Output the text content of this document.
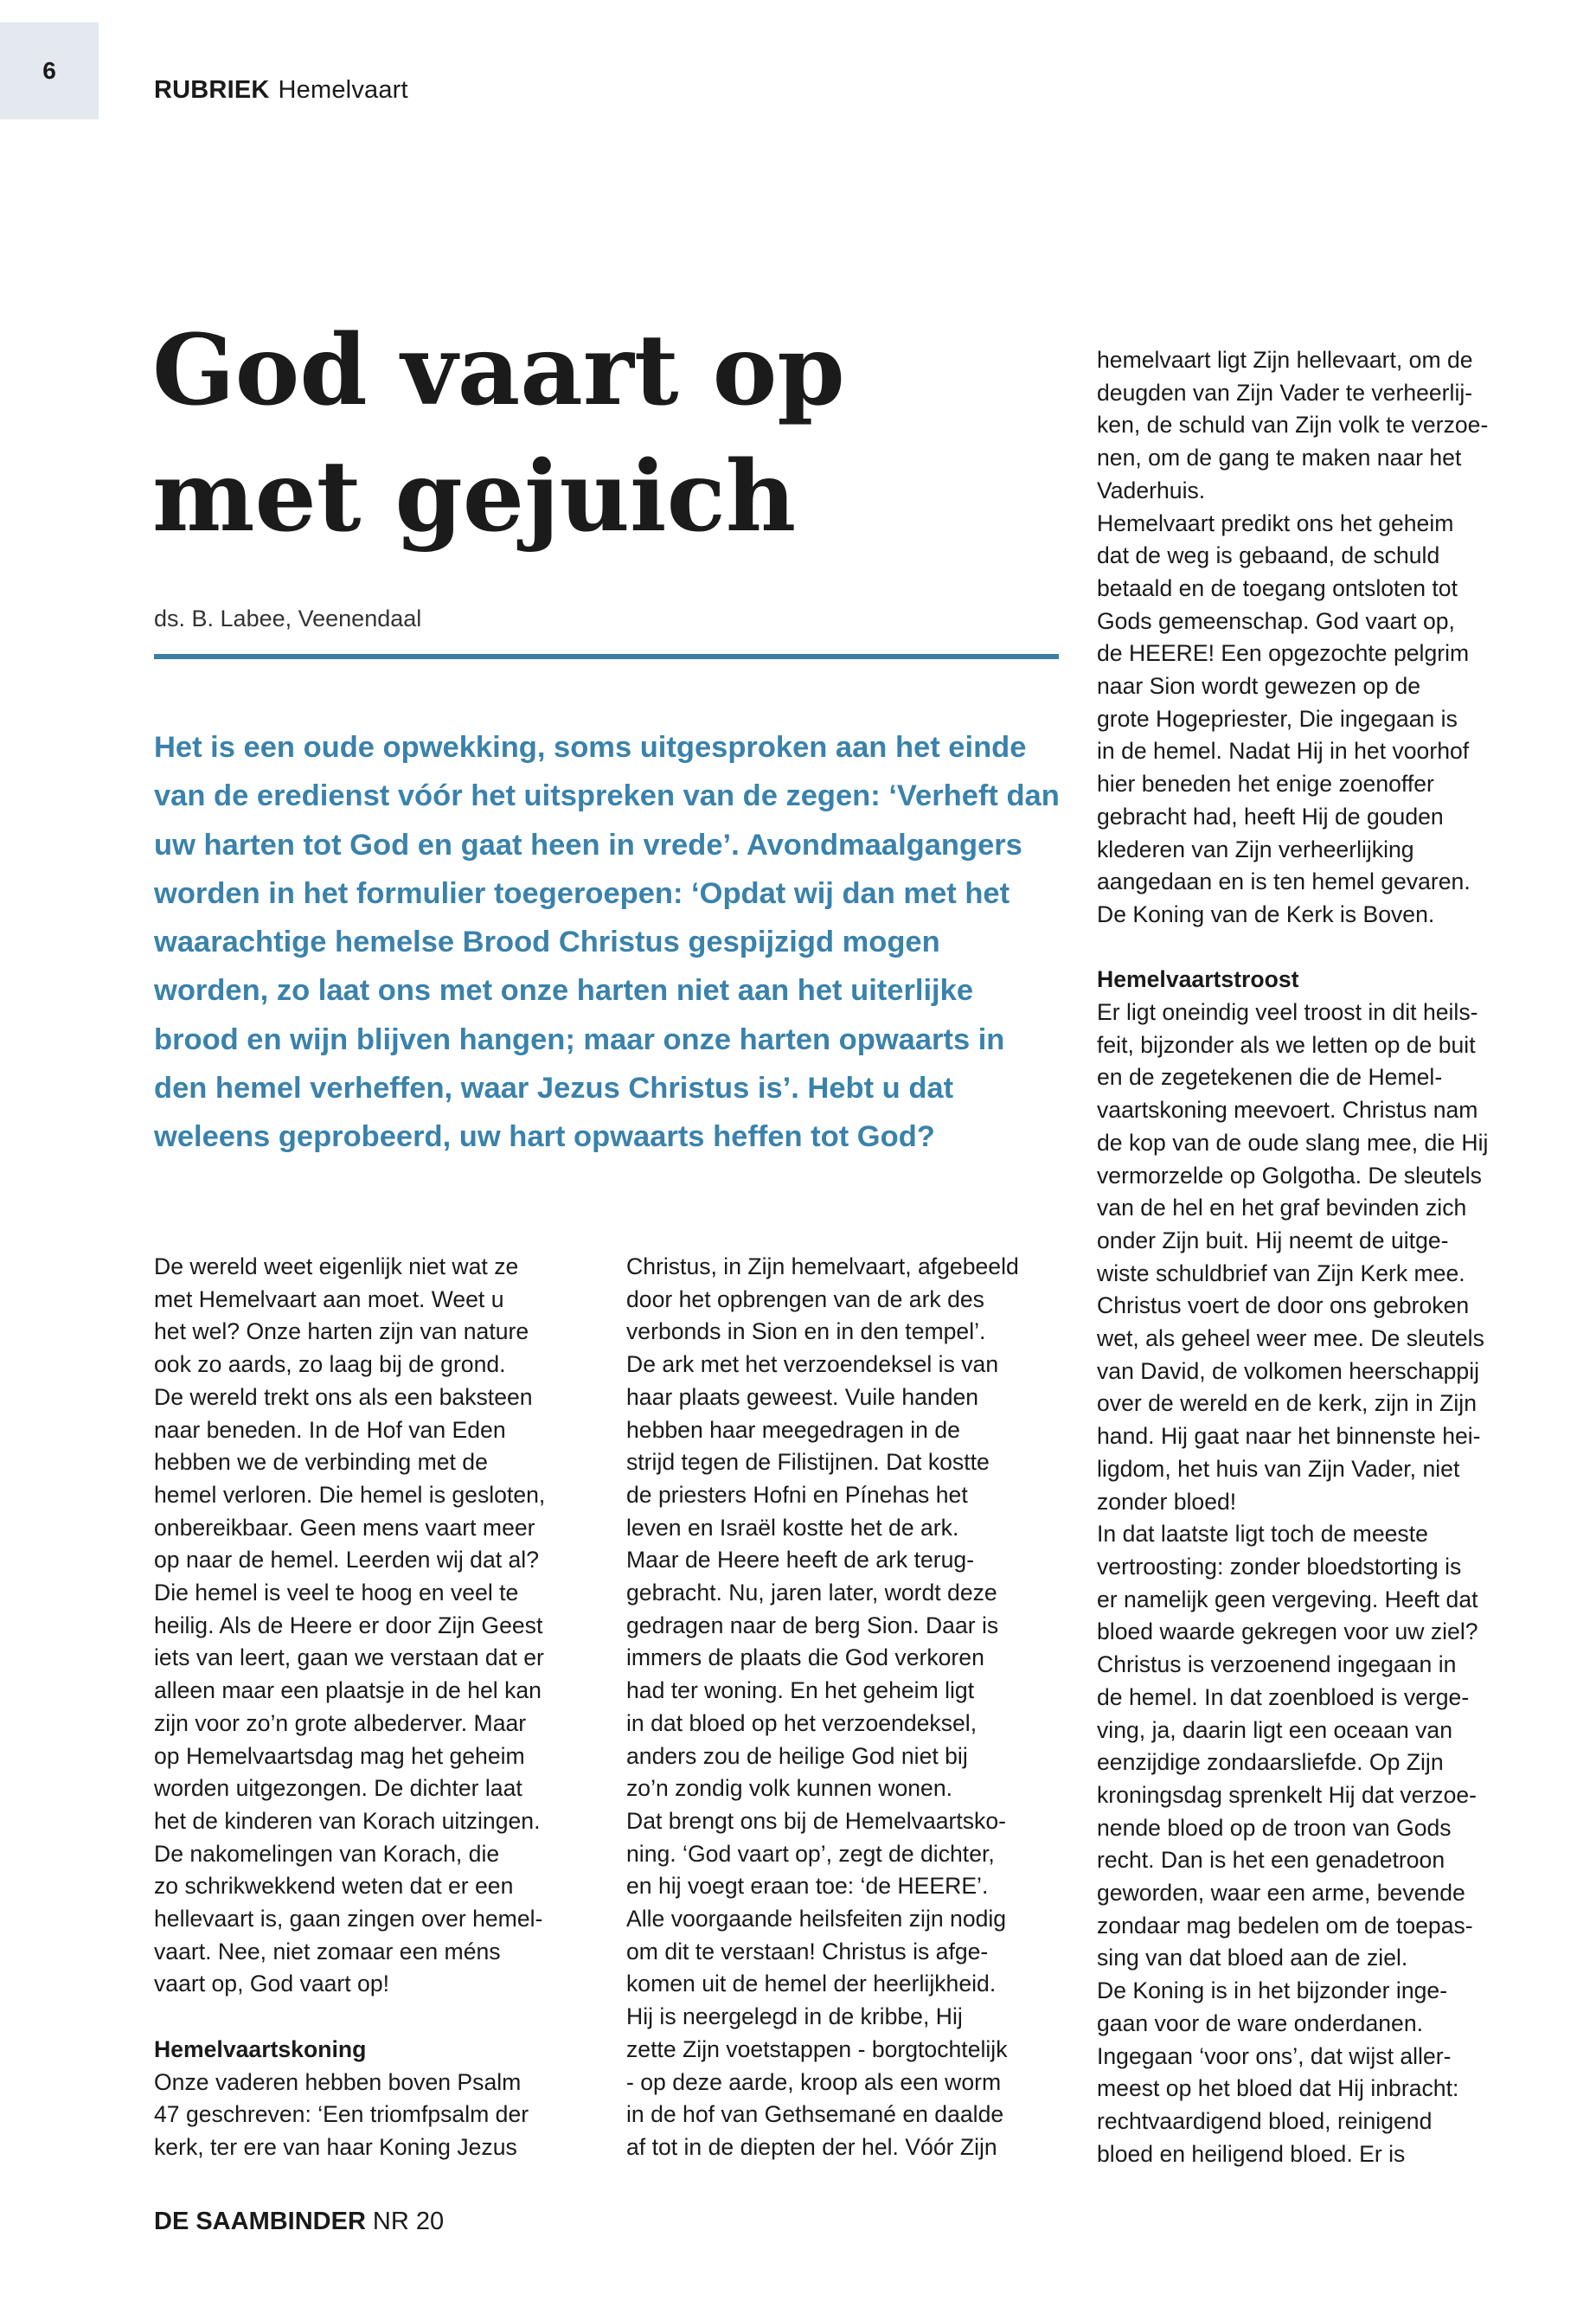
6
RUBRIEK Hemelvaart
God vaart op
met gejuich
ds. B. Labee, Veenendaal
Het is een oude opwekking, soms uitgesproken aan het einde van de eredienst vóór het uitspreken van de zegen: ‘Verheft dan uw harten tot God en gaat heen in vrede’. Avondmaalgangers worden in het formulier toegeroepen: ‘Opdat wij dan met het waarachtige hemelse Brood Christus gespijzigd mogen worden, zo laat ons met onze harten niet aan het uiterlijke brood en wijn blijven hangen; maar onze harten opwaarts in den hemel verheffen, waar Jezus Christus is’. Hebt u dat weleens geprobeerd, uw hart opwaarts heffen tot God?

De wereld weet eigenlijk niet wat ze
met Hemelvaart aan moet. Weet u
het wel? Onze harten zijn van nature
ook zo aards, zo laag bij de grond.
De wereld trekt ons als een baksteen
naar beneden. In de Hof van Eden
hebben we de verbinding met de
hemel verloren. Die hemel is gesloten,
onbereikbaar. Geen mens vaart meer
op naar de hemel. Leerden wij dat al?
Die hemel is veel te hoog en veel te
heilig. Als de Heere er door Zijn Geest
iets van leert, gaan we verstaan dat er
alleen maar een plaatsje in de hel kan
zijn voor zo’n grote albederver. Maar
op Hemelvaartsdag mag het geheim
worden uitgezongen. De dichter laat
het de kinderen van Korach uitzingen.
De nakomelingen van Korach, die
zo schrikwekkend weten dat er een
hellevaart is, gaan zingen over hemel-
vaart. Nee, niet zomaar een méns
vaart op, God vaart op!

Hemelvaartskoning

Onze vaderen hebben boven Psalm
47 geschreven: ‘Een triomfpsalm der
kerk, ter ere van haar Koning Jezus

Christus, in Zijn hemelvaart, afgebeeld
door het opbrengen van de ark des
verbonds in Sion en in den tempel’.
De ark met het verzoendeksel is van
haar plaats geweest. Vuile handen
hebben haar meegedragen in de
strijd tegen de Filistijnen. Dat kostte
de priesters Hofni en Pínehas het
leven en Israël kostte het de ark.
Maar de Heere heeft de ark terug-
gebracht. Nu, jaren later, wordt deze
gedragen naar de berg Sion. Daar is
immers de plaats die God verkoren
had ter woning. En het geheim ligt
in dat bloed op het verzoendeksel,
anders zou de heilige God niet bij
zo’n zondig volk kunnen wonen.

Dat brengt ons bij de Hemelvaartsko-
ning. ‘God vaart op’, zegt de dichter,
en hij voegt eraan toe: ‘de HEERE’.
Alle voorgaande heilsfeiten zijn nodig
om dit te verstaan! Christus is afge-
komen uit de hemel der heerlijkheid.
Hij is neergelegd in de kribbe, Hij
zette Zijn voetstappen - borgtochtelijk
- op deze aarde, kroop als een worm
in de hof van Gethsemané en daalde
af tot in de diepten der hel. Vóór Zijn

hemelvaart ligt Zijn hellevaart, om de
deugden van Zijn Vader te verheerlij-
ken, de schuld van Zijn volk te verzoe-
nen, om de gang te maken naar het
Vaderhuis.

Hemelvaart predikt ons het geheim
dat de weg is gebaand, de schuld
betaald en de toegang ontsloten tot
Gods gemeenschap. God vaart op,
de HEERE! Een opgezochte pelgrim
naar Sion wordt gewezen op de
grote Hogepriester, Die ingegaan is
in de hemel. Nadat Hij in het voorhof
hier beneden het enige zoenoffer
gebracht had, heeft Hij de gouden
klederen van Zijn verheerlijking
aangedaan en is ten hemel gevaren.
De Koning van de Kerk is Boven.

Hemelvaartstroost

Er ligt oneindig veel troost in dit heils-
feit, bijzonder als we letten op de buit
en de zegetekenen die de Hemel-
vaartskoning meevoert. Christus nam
de kop van de oude slang mee, die Hij
vermorzelde op Golgotha. De sleutels
van de hel en het graf bevinden zich
onder Zijn buit. Hij neemt de uitge-
wiste schuldbrief van Zijn Kerk mee.
Christus voert de door ons gebroken
wet, als geheel weer mee. De sleutels
van David, de volkomen heerschappij
over de wereld en de kerk, zijn in Zijn
hand. Hij gaat naar het binnenste hei-
ligdom, het huis van Zijn Vader, niet
zonder bloed!

In dat laatste ligt toch de meeste
vertroosting: zonder bloedstorting is
er namelijk geen vergeving. Heeft dat
bloed waarde gekregen voor uw ziel?
Christus is verzoenend ingegaan in
de hemel. In dat zoenbloed is verge-
ving, ja, daarin ligt een oceaan van
eenzijdige zondaarsliefde. Op Zijn
kroningsdag sprenkelt Hij dat verzoe-
nende bloed op de troon van Gods
recht. Dan is het een genadetroon
geworden, waar een arme, bevende
zondaar mag bedelen om de toepas-
sing van dat bloed aan de ziel.

De Koning is in het bijzonder inge-
gaan voor de ware onderdanen.
Ingegaan ‘voor ons’, dat wijst aller-
meest op het bloed dat Hij inbracht:
rechtvaardigend bloed, reinigend
bloed en heiligend bloed. Er is

DE SAAMBINDER NR 20
